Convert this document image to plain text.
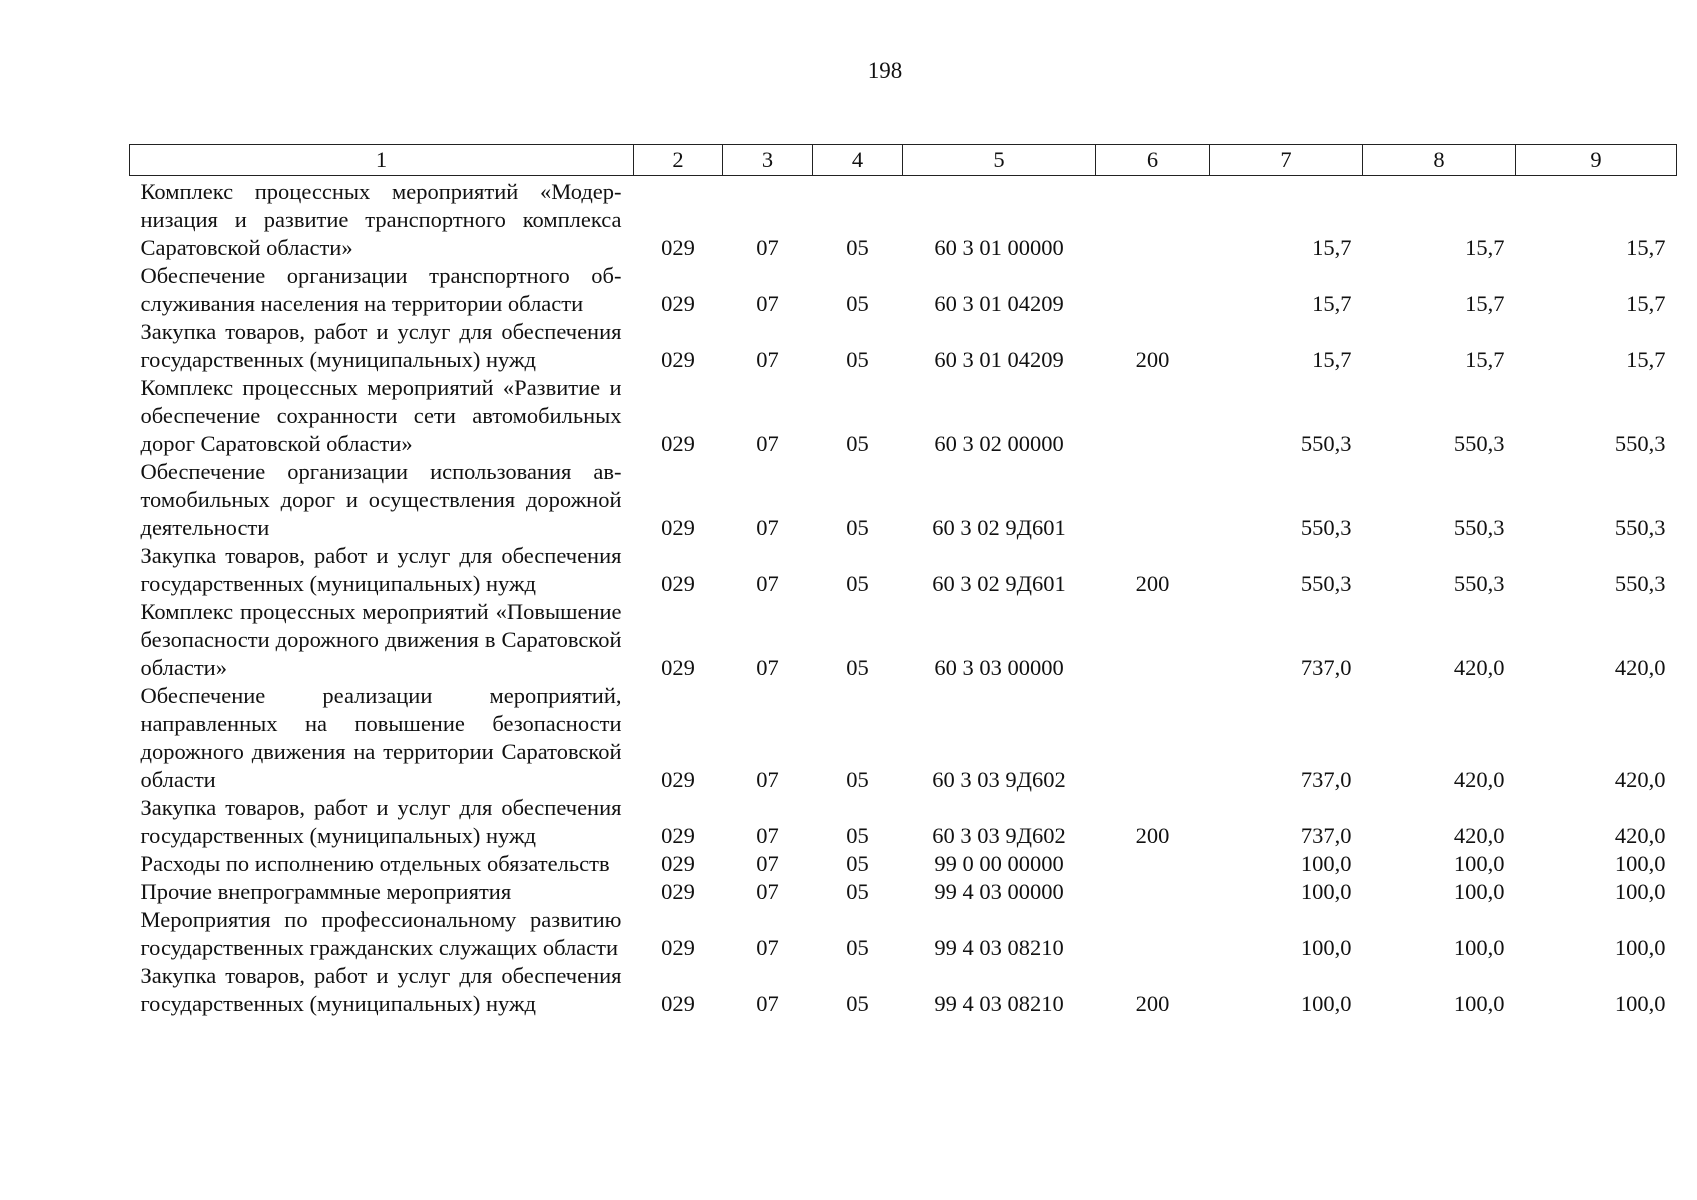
198
1	2	3	4	5	6	7	8	9
Комплекс процессных мероприятий «Модернизация и развитие транспортного комплекса Саратовской области»	029	07	05	60 3 01 00000		15,7	15,7	15,7
Обеспечение организации транспортного обслуживания населения на территории области	029	07	05	60 3 01 04209		15,7	15,7	15,7
Закупка товаров, работ и услуг для обеспечения государственных (муниципальных) нужд	029	07	05	60 3 01 04209	200	15,7	15,7	15,7
Комплекс процессных мероприятий «Развитие и обеспечение сохранности сети автомобильных дорог Саратовской области»	029	07	05	60 3 02 00000		550,3	550,3	550,3
Обеспечение организации использования автомобильных дорог и осуществления дорожной деятельности	029	07	05	60 3 02 9Д601		550,3	550,3	550,3
Закупка товаров, работ и услуг для обеспечения государственных (муниципальных) нужд	029	07	05	60 3 02 9Д601	200	550,3	550,3	550,3
Комплекс процессных мероприятий «Повышение безопасности дорожного движения в Саратовской области»	029	07	05	60 3 03 00000		737,0	420,0	420,0
Обеспечение реализации мероприятий, направленных на повышение безопасности дорожного движения на территории Саратовской области	029	07	05	60 3 03 9Д602		737,0	420,0	420,0
Закупка товаров, работ и услуг для обеспечения государственных (муниципальных) нужд	029	07	05	60 3 03 9Д602	200	737,0	420,0	420,0
Расходы по исполнению отдельных обязательств	029	07	05	99 0 00 00000		100,0	100,0	100,0
Прочие внепрограммные мероприятия	029	07	05	99 4 03 00000		100,0	100,0	100,0
Мероприятия по профессиональному развитию государственных гражданских служащих области	029	07	05	99 4 03 08210		100,0	100,0	100,0
Закупка товаров, работ и услуг для обеспечения государственных (муниципальных) нужд	029	07	05	99 4 03 08210	200	100,0	100,0	100,0
